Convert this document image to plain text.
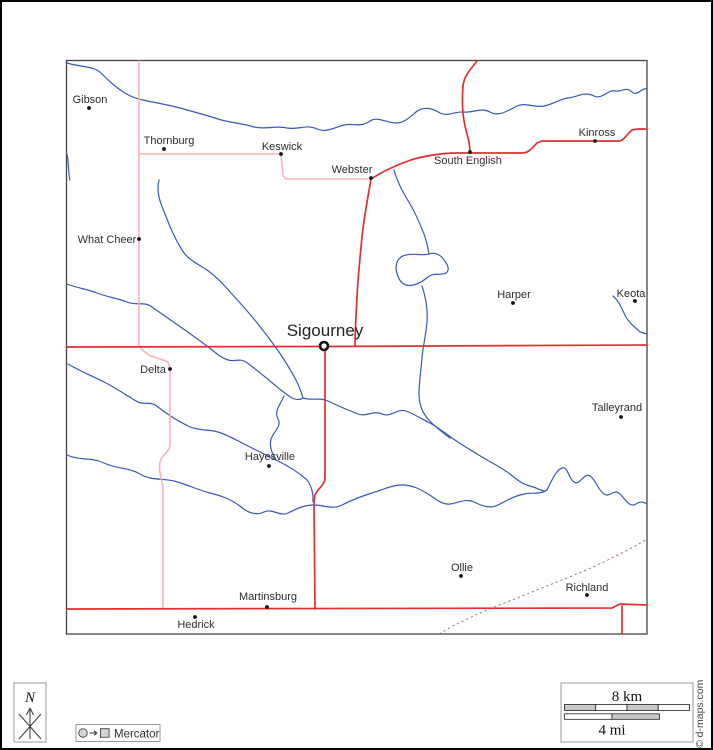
Gibson
Thornburg	Keswick
Webster
South English
Kinross
What Cheer
Harper	Keota
Delta
Talleyrand
Hayesville
Ollie
Richland
Martinsburg
Hedrick
Sigourney
N
Mercator
8 km
4 mi	© d-maps.com
